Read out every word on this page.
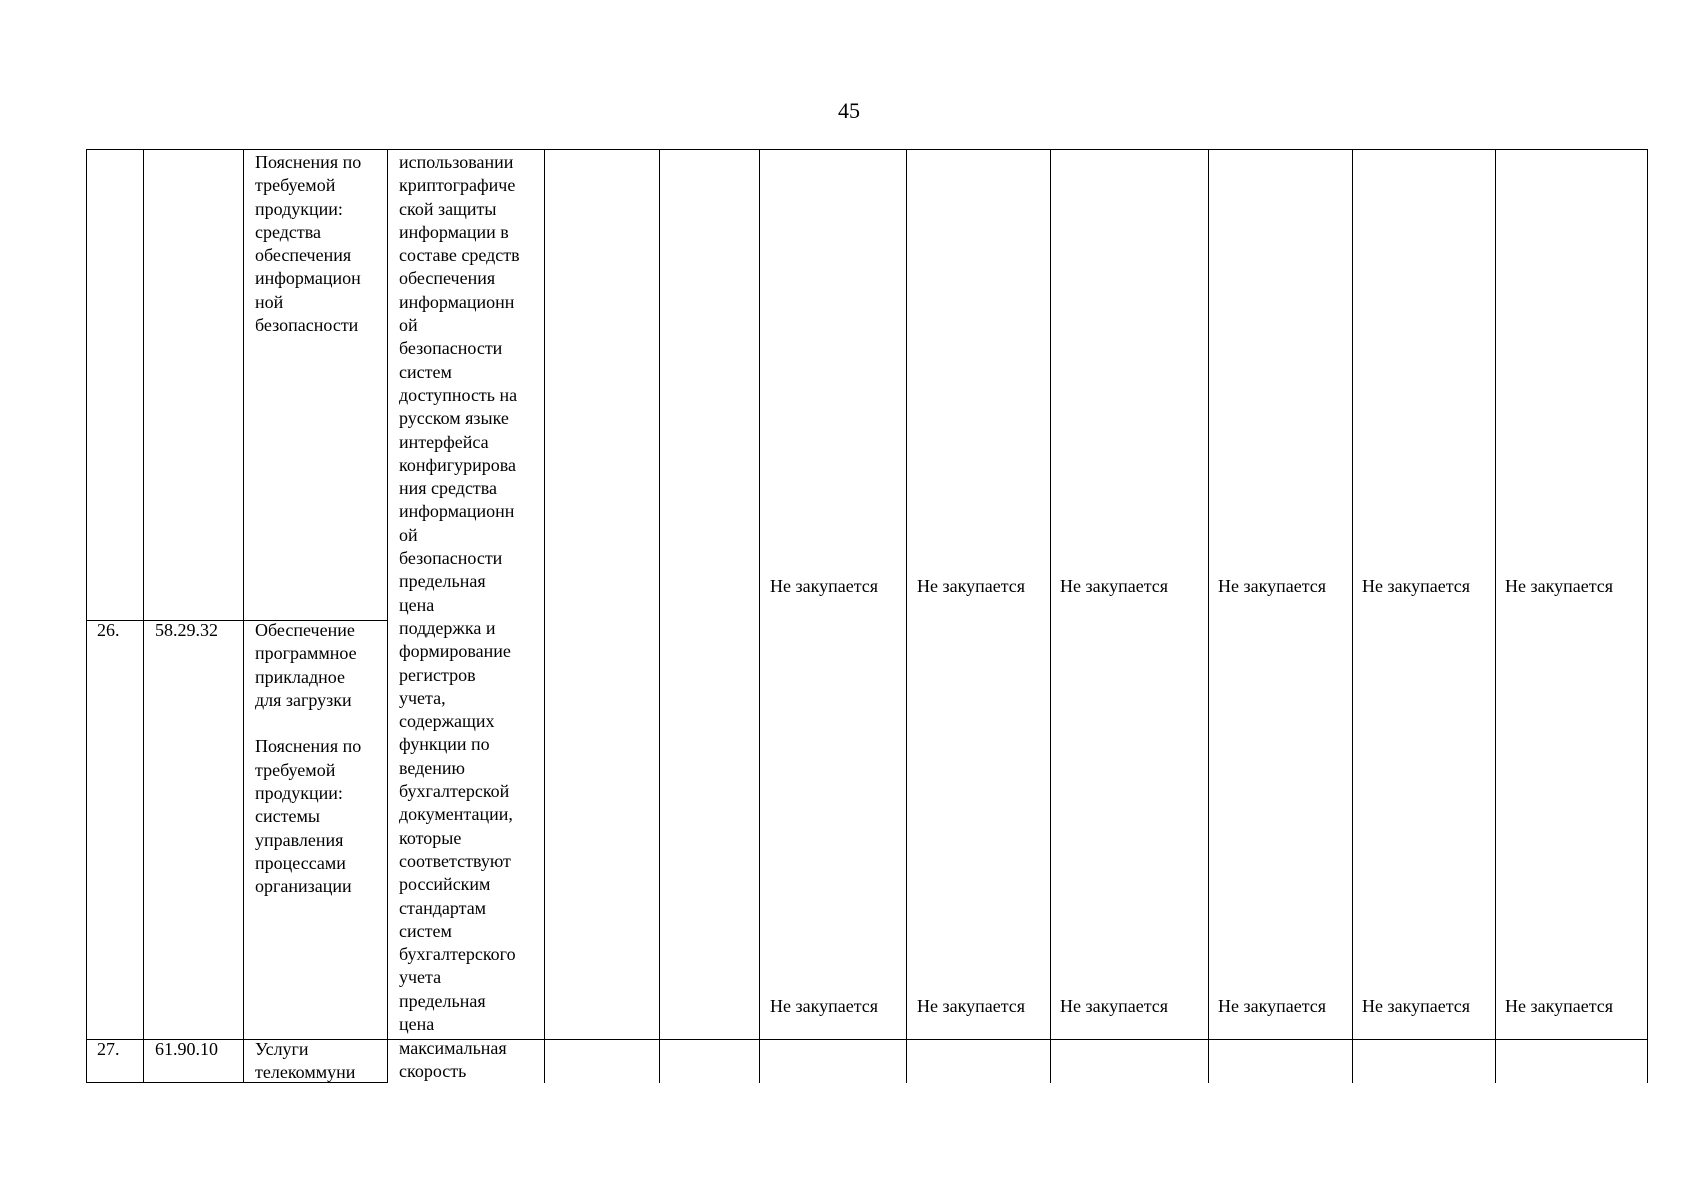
45
Пояснения по
требуемой
продукции:
средства
обеспечения
информацион
ной
безопасности
использовании
криптографиче
ской защиты
информации в
составе средств
обеспечения
информационн
ой
безопасности
систем
доступность на
русском языке
интерфейса
конфигурирова
ния средства
информационн
ой
безопасности
предельная
цена
поддержка и
формирование
регистров
учета,
содержащих
функции по
ведению
бухгалтерской
документации,
которые
соответствуют
российским
стандартам
систем
бухгалтерского
учета
предельная
цена
максимальная
скорость
26. 58.29.32 Обеспечение
программное
прикладное
для загрузки

Пояснения по
требуемой
продукции:
системы
управления
процессами
организации
27. 61.90.10 Услуги
телекоммуни
Не закупается Не закупается Не закупается	Не закупается Не закупается Не закупается
Не закупается Не закупается Не закупается	Не закупается Не закупается Не закупается
